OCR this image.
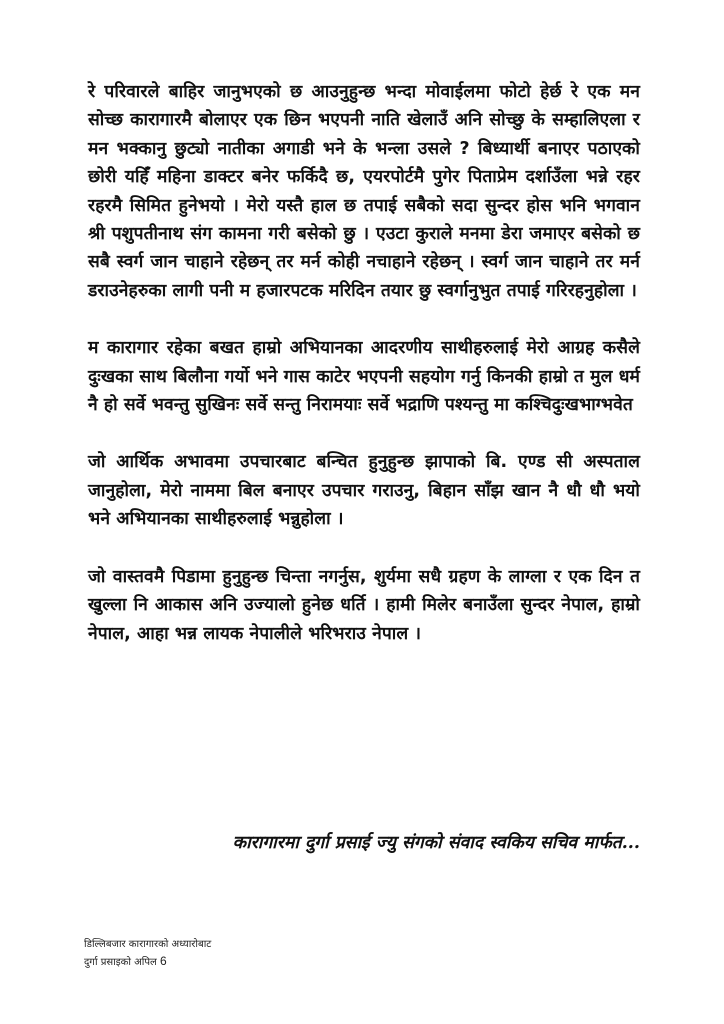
रे परिवारले बाहिर जानुभएको छ आउनुहुन्छ भन्दा मोवाईलमा फोटो हेर्छ रे एक मन सोच्छ कारागारमै बोलाएर एक छिन भएपनी नाति खेलाउँ अनि सोच्छु के सम्हालिएला र मन भक्कानु छुट्यो नातीका अगाडी भने के भन्ला उसले ? बिध्यार्थी बनाएर पठाएको छोरी यहिँ महिना डाक्टर बनेर फर्किदै छ, एयरपोर्टमै पुगेर पिताप्रेम दर्शाउँला भन्ने रहर रहरमै सिमित हुनेभयो । मेरो यस्तै हाल छ तपाई सबैको सदा सुन्दर होस भनि भगवान श्री पशुपतीनाथ संग कामना गरी बसेको छु । एउटा कुराले मनमा डेरा जमाएर बसेको छ सबै स्वर्ग जान चाहाने रहेछन् तर मर्न कोही नचाहाने रहेछन् । स्वर्ग जान चाहाने तर मर्न डराउनेहरुका लागी पनी म हजारपटक मरिदिन तयार छु स्वर्गानुभुत तपाई गरिरहनुहोला ।

म कारागार रहेका बखत हाम्रो अभियानका आदरणीय साथीहरुलाई मेरो आग्रह कसैले दुःखका साथ बिलौना गर्यो भने गास काटेर भएपनी सहयोग गर्नु किनकी हाम्रो त मुल धर्म नै हो सर्वे भवन्तु सुखिनः सर्वे सन्तु निरामयाः सर्वे भद्राणि पश्यन्तु मा कश्चिदुःखभाग्भवेत

जो आर्थिक अभावमा उपचारबाट बन्चित हुनुहुन्छ झापाको बि. एण्ड सी अस्पताल जानुहोला, मेरो नाममा बिल बनाएर उपचार गराउनु, बिहान साँझ खान नै धौ धौ भयो भने अभियानका साथीहरुलाई भन्नुहोला ।

जो वास्तवमै पिडामा हुनुहुन्छ चिन्ता नगर्नुस, शुर्यमा सधै ग्रहण के लाग्ला र एक दिन त खुल्ला नि आकास अनि उज्यालो हुनेछ धर्ति । हामी मिलेर बनाउँला सुन्दर नेपाल, हाम्रो नेपाल, आहा भन्न लायक नेपालीले भरिभराउ नेपाल ।

कारागारमा दुर्गा प्रसाई ज्यु संगको संवाद स्वकिय सचिव मार्फत...
डिल्लिबजार कारागारको अध्यारोबाट
दुर्गा प्रसाइको अपिल 6
